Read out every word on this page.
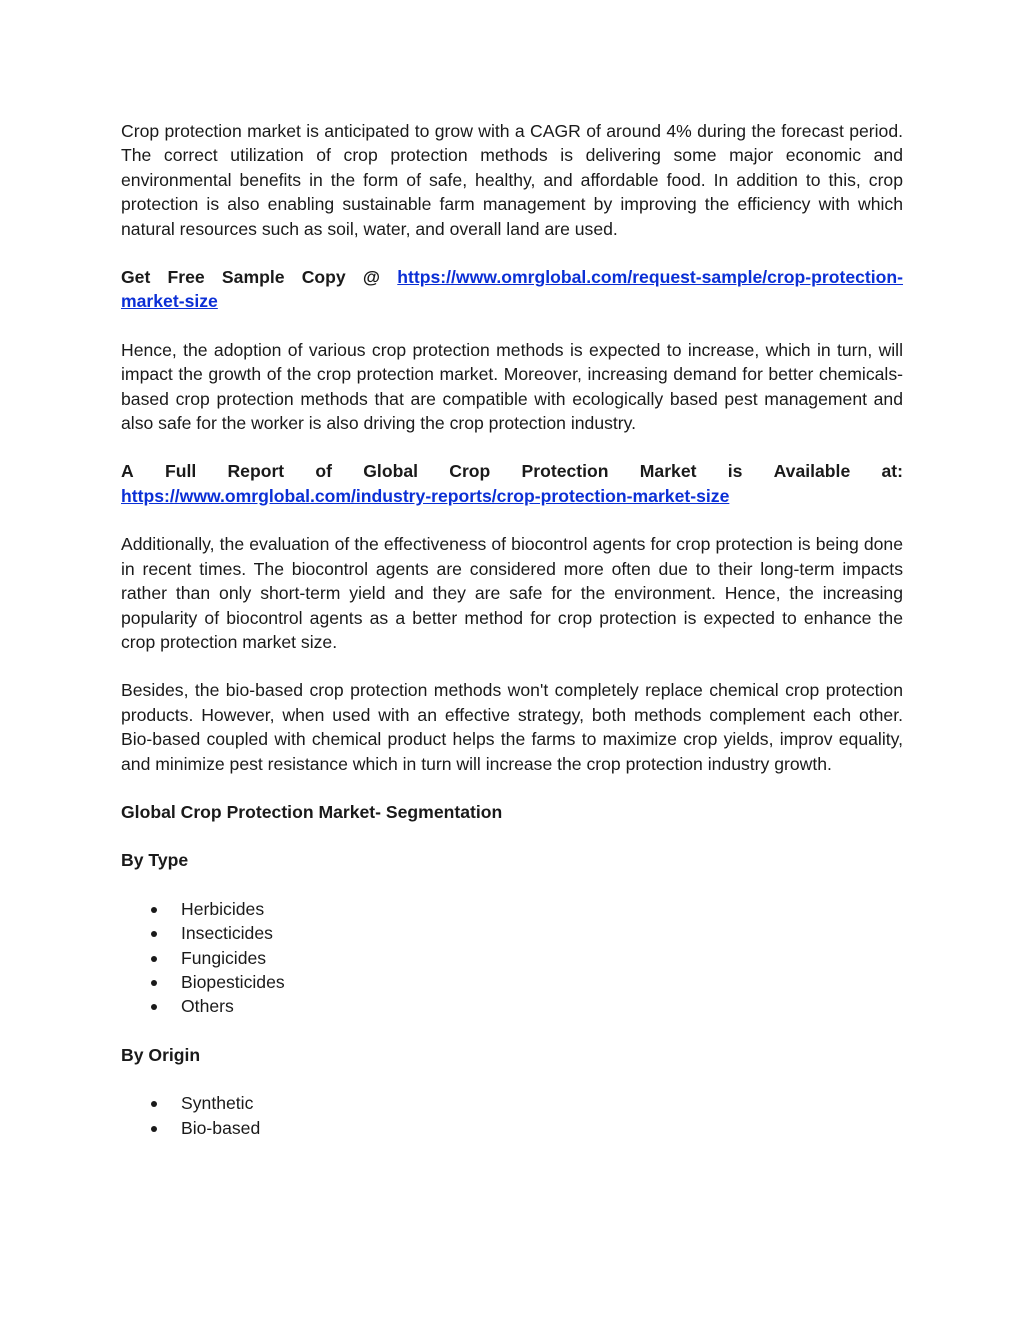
Crop protection market is anticipated to grow with a CAGR of around 4% during the forecast period. The correct utilization of crop protection methods is delivering some major economic and environmental benefits in the form of safe, healthy, and affordable food. In addition to this, crop protection is also enabling sustainable farm management by improving the efficiency with which natural resources such as soil, water, and overall land are used.

Get Free Sample Copy @ https://www.omrglobal.com/request-sample/crop-protection-market-size

Hence, the adoption of various crop protection methods is expected to increase, which in turn, will impact the growth of the crop protection market. Moreover, increasing demand for better chemicals-based crop protection methods that are compatible with ecologically based pest management and also safe for the worker is also driving the crop protection industry.

A Full Report of Global Crop Protection Market is Available at:
https://www.omrglobal.com/industry-reports/crop-protection-market-size

Additionally, the evaluation of the effectiveness of biocontrol agents for crop protection is being done in recent times. The biocontrol agents are considered more often due to their long-term impacts rather than only short-term yield and they are safe for the environment. Hence, the increasing popularity of biocontrol agents as a better method for crop protection is expected to enhance the crop protection market size.

Besides, the bio-based crop protection methods won't completely replace chemical crop protection products. However, when used with an effective strategy, both methods complement each other. Bio-based coupled with chemical product helps the farms to maximize crop yields, improv equality, and minimize pest resistance which in turn will increase the crop protection industry growth.

Global Crop Protection Market- Segmentation
By Type
Herbicides
Insecticides
Fungicides
Biopesticides
Others
By Origin
Synthetic
Bio-based
